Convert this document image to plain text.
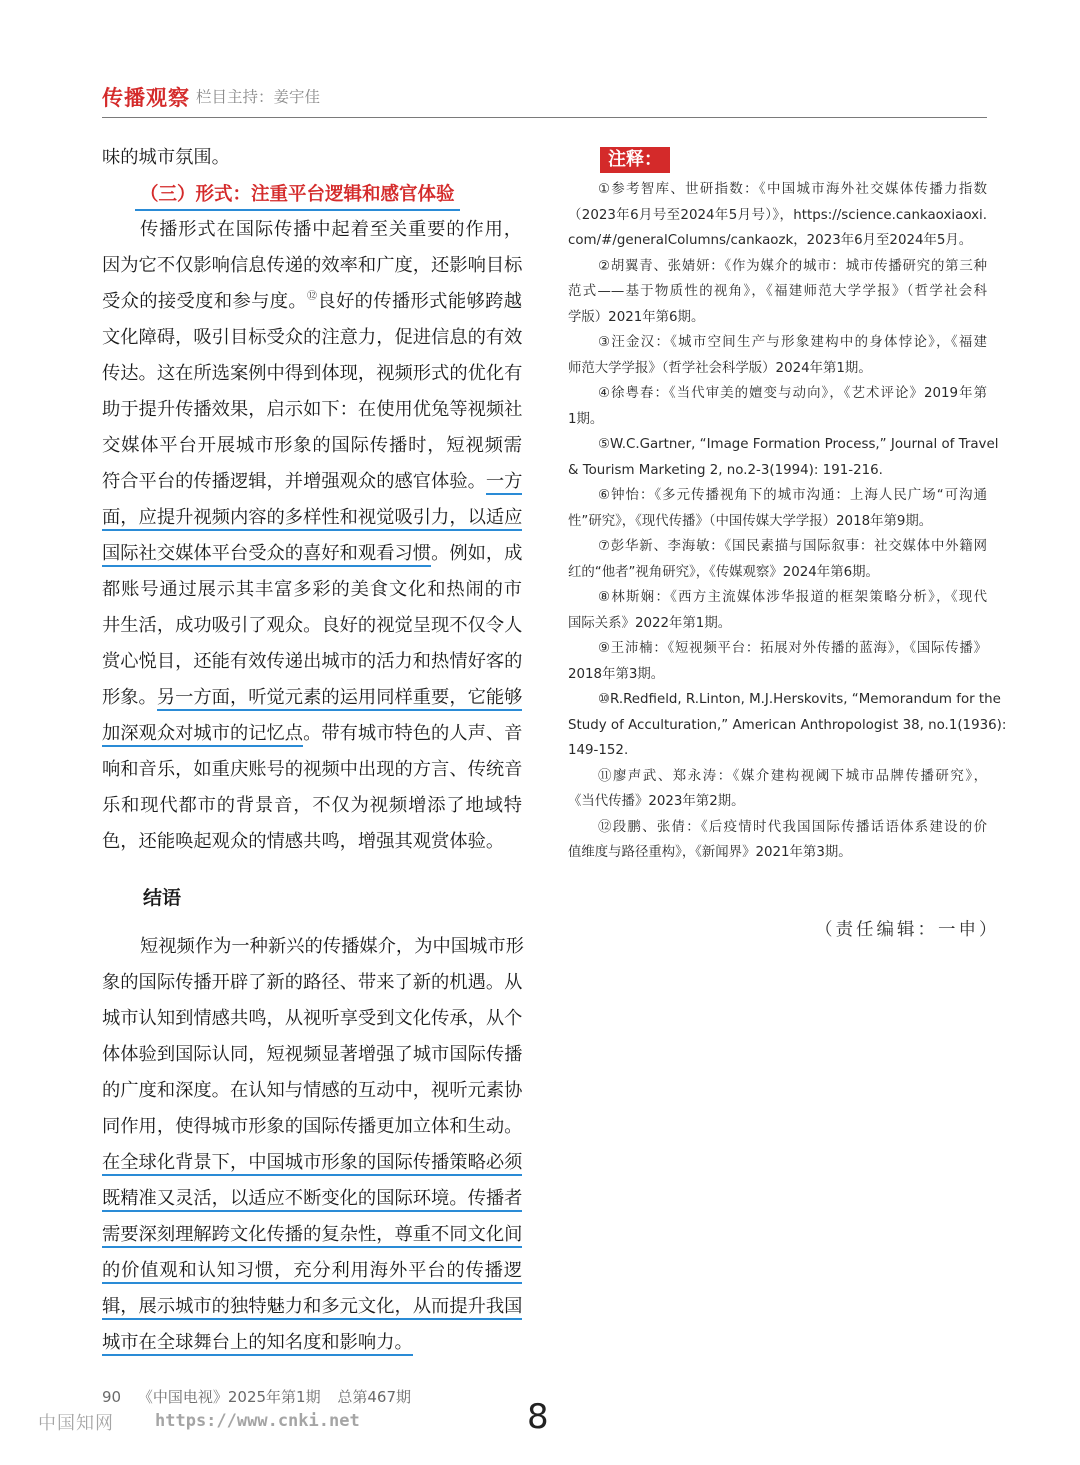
传播观察 栏目主持：姜宇佳
味的城市氛围。
（三）形式：注重平台逻辑和感官体验
传播形式在国际传播中起着至关重要的作用，
因为它不仅影响信息传递的效率和广度，还影响目标
受众的接受度和参与度。⑫良好的传播形式能够跨越
文化障碍，吸引目标受众的注意力，促进信息的有效
传达。这在所选案例中得到体现，视频形式的优化有
助于提升传播效果，启示如下：在使用优兔等视频社
交媒体平台开展城市形象的国际传播时，短视频需
符合平台的传播逻辑，并增强观众的感官体验。一方
面，应提升视频内容的多样性和视觉吸引力，以适应
国际社交媒体平台受众的喜好和观看习惯。例如，成
都账号通过展示其丰富多彩的美食文化和热闹的市
井生活，成功吸引了观众。良好的视觉呈现不仅令人
赏心悦目，还能有效传递出城市的活力和热情好客的
形象。另一方面，听觉元素的运用同样重要，它能够
加深观众对城市的记忆点。带有城市特色的人声、音
响和音乐，如重庆账号的视频中出现的方言、传统音
乐和现代都市的背景音，不仅为视频增添了地域特
色，还能唤起观众的情感共鸣，增强其观赏体验。
结语
短视频作为一种新兴的传播媒介，为中国城市形
象的国际传播开辟了新的路径、带来了新的机遇。从
城市认知到情感共鸣，从视听享受到文化传承，从个
体体验到国际认同，短视频显著增强了城市国际传播
的广度和深度。在认知与情感的互动中，视听元素协
同作用，使得城市形象的国际传播更加立体和生动。
在全球化背景下，中国城市形象的国际传播策略必须
既精准又灵活，以适应不断变化的国际环境。传播者
需要深刻理解跨文化传播的复杂性，尊重不同文化间
的价值观和认知习惯，充分利用海外平台的传播逻
辑，展示城市的独特魅力和多元文化，从而提升我国
城市在全球舞台上的知名度和影响力。
注释：
①参考智库、世研指数：《中国城市海外社交媒体传播力指数
（2023年6月号至2024年5月号）》，https://science.cankaoxiaoxi.
com/#/generalColumns/cankaozk，2023年6月至2024年5月。
②胡翼青、张婧妍：《作为媒介的城市：城市传播研究的第三种
范式——基于物质性的视角》，《福建师范大学学报》（哲学社会科
学版）2021年第6期。
③汪金汉：《城市空间生产与形象建构中的身体悖论》，《福建
师范大学学报》（哲学社会科学版）2024年第1期。
④徐粤春：《当代审美的嬗变与动向》，《艺术评论》2019年第
1期。
⑤W.C.Gartner, “Image Formation Process,” Journal of Travel
& Tourism Marketing 2, no.2-3(1994): 191-216.
⑥钟怡：《多元传播视角下的城市沟通：上海人民广场“可沟通
性”研究》，《现代传播》（中国传媒大学学报）2018年第9期。
⑦彭华新、李海敏：《国民素描与国际叙事：社交媒体中外籍网
红的“他者”视角研究》，《传媒观察》2024年第6期。
⑧林斯娴：《西方主流媒体涉华报道的框架策略分析》，《现代
国际关系》2022年第1期。
⑨王沛楠：《短视频平台：拓展对外传播的蓝海》，《国际传播》
2018年第3期。
⑩R.Redfield, R.Linton, M.J.Herskovits, “Memorandum for the
Study of Acculturation,” American Anthropologist 38, no.1(1936):
149-152.
⑪廖声武、郑永涛：《媒介建构视阈下城市品牌传播研究》，
《当代传播》2023年第2期。
⑫段鹏、张倩：《后疫情时代我国国际传播话语体系建设的价
值维度与路径重构》，《新闻界》2021年第3期。
（责任编辑：一申）
90 《中国电视》2025年第1期 总第467期
中国知网 https://www.cnki.net	8
